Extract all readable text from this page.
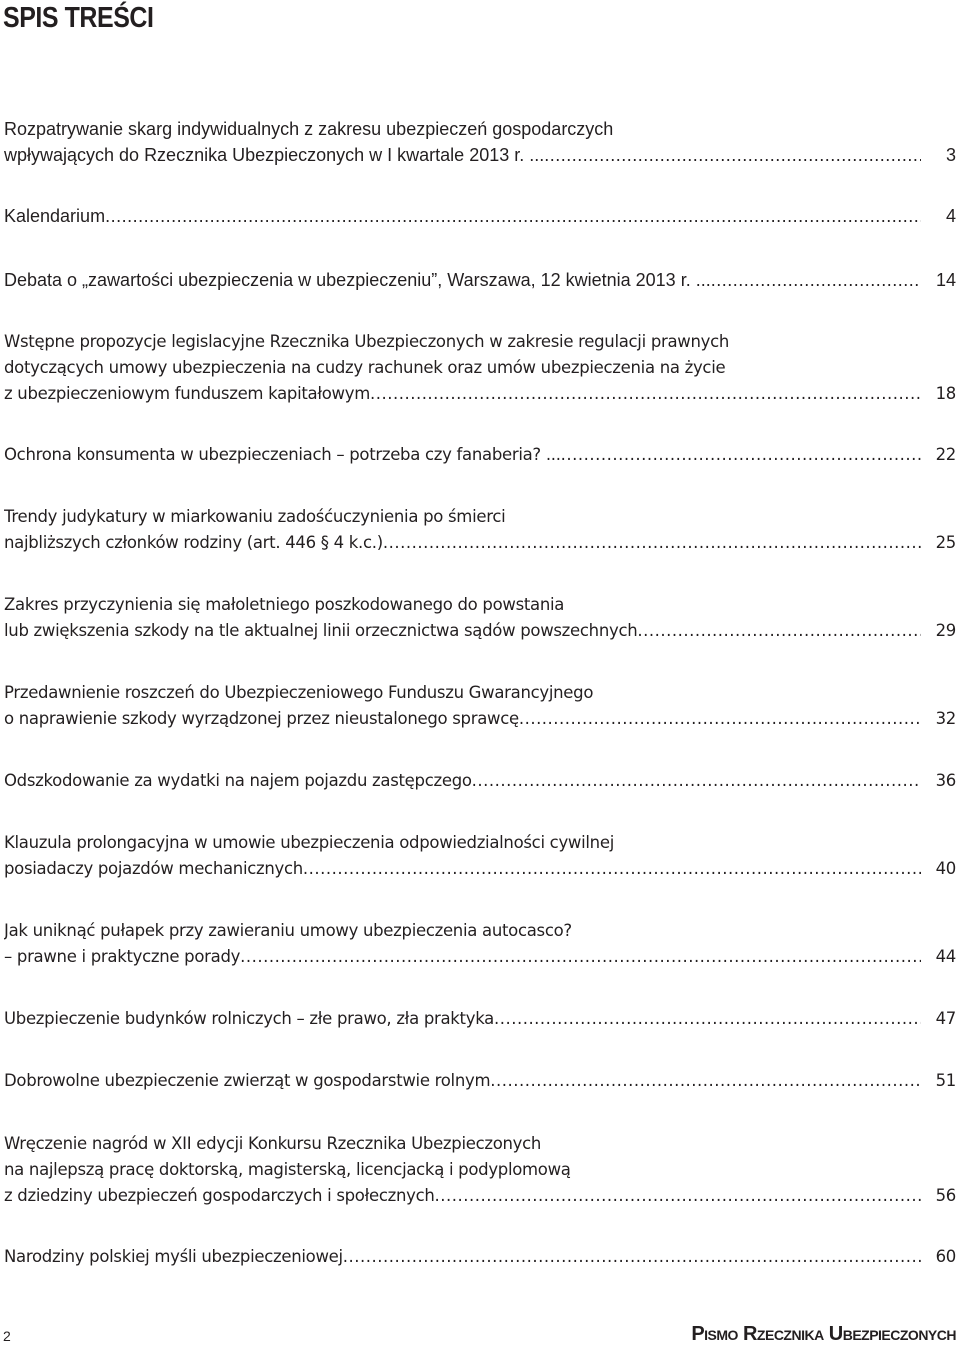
SPIS TREŚCI
Rozpatrywanie skarg indywidualnych z zakresu ubezpieczeń gospodarczych
wpływających do Rzecznika Ubezpieczonych w I kwartale 2013 r. ... .....	3
Kalendarium .....	4
Debata o „zawartości ubezpieczenia w ubezpieczeniu”, Warszawa, 12 kwietnia 2013 r. ... .....	14
Wstępne propozycje legislacyjne Rzecznika Ubezpieczonych w zakresie regulacji prawnych
dotyczących umowy ubezpieczenia na cudzy rachunek oraz umów ubezpieczenia na życie
z ubezpieczeniowym funduszem kapitałowym .....	18
Ochrona konsumenta w ubezpieczeniach – potrzeba czy fanaberia? ... .....	22
Trendy judykatury w miarkowaniu zadośćuczynienia po śmierci
najbliższych członków rodziny (art. 446 § 4 k.c.) .....	25
Zakres przyczynienia się małoletniego poszkodowanego do powstania
lub zwiększenia szkody na tle aktualnej linii orzecznictwa sądów powszechnych .....	29
Przedawnienie roszczeń do Ubezpieczeniowego Funduszu Gwarancyjnego
o naprawienie szkody wyrządzonej przez nieustalonego sprawcę .....	32
Odszkodowanie za wydatki na najem pojazdu zastępczego .....	36
Klauzula prolongacyjna w umowie ubezpieczenia odpowiedzialności cywilnej
posiadaczy pojazdów mechanicznych .....	40
Jak uniknąć pułapek przy zawieraniu umowy ubezpieczenia autocasco?
– prawne i praktyczne porady .....	44
Ubezpieczenie budynków rolniczych – złe prawo, zła praktyka .....	47
Dobrowolne ubezpieczenie zwierząt w gospodarstwie rolnym .....	51
Wręczenie nagród w XII edycji Konkursu Rzecznika Ubezpieczonych
na najlepszą pracę doktorską, magisterską, licencjacką i podyplomową
z dziedziny ubezpieczeń gospodarczych i społecznych .....	56
Narodziny polskiej myśli ubezpieczeniowej .....	60
2	Pismo Rzecznika Ubezpieczonych
